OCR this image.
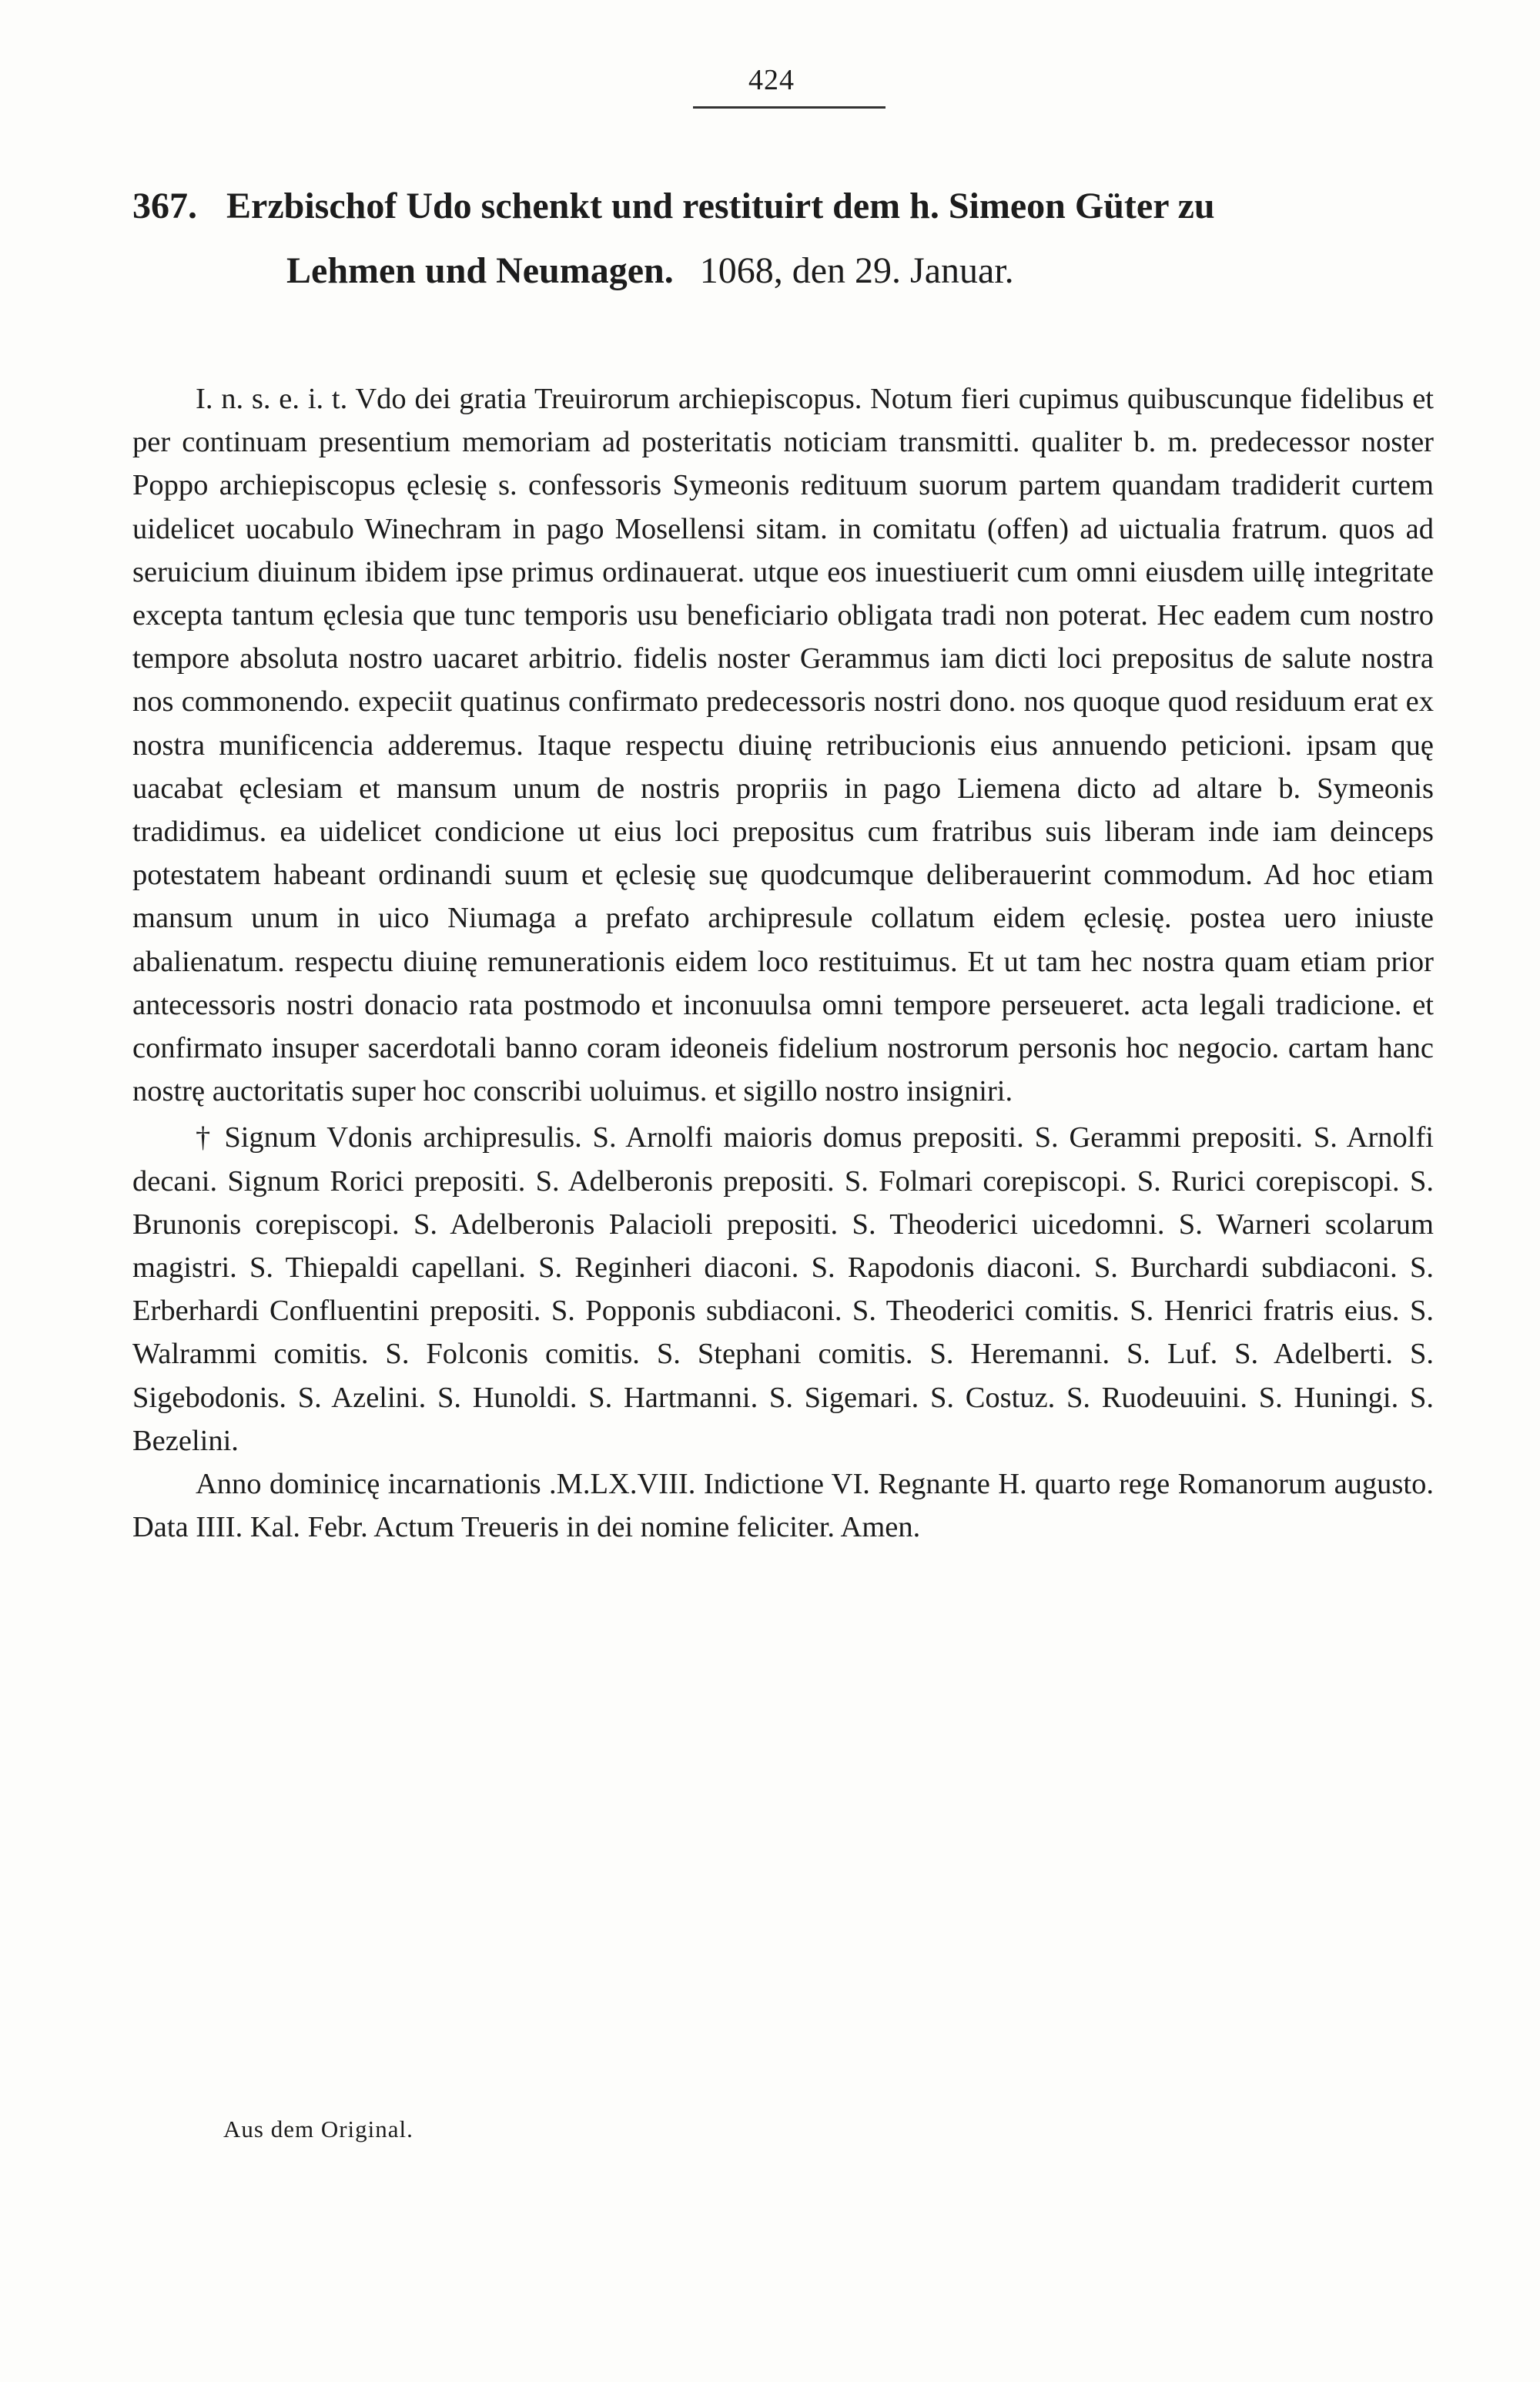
424
367. Erzbischof Udo schenkt und restituirt dem h. Simeon Güter zu
Lehmen und Neumagen. 1068, den 29. Januar.

I. n. s. e. i. t. Vdo dei gratia Treuirorum archiepiscopus. Notum fieri cupimus quibuscunque fidelibus et per continuam presentium memoriam ad posteritatis noticiam transmitti. qualiter b. m. predecessor noster Poppo archiepiscopus ęclesię s. confessoris Symeonis redituum suorum partem quandam tradiderit curtem uidelicet uocabulo Winechram in pago Mosellensi sitam. in comitatu (offen) ad uictualia fratrum. quos ad seruicium diuinum ibidem ipse primus ordinauerat. utque eos inuestiuerit cum omni eiusdem uillę integritate excepta tantum ęclesia que tunc temporis usu beneficiario obligata tradi non poterat. Hec eadem cum nostro tempore absoluta nostro uacaret arbitrio. fidelis noster Gerammus iam dicti loci prepositus de salute nostra nos commonendo. expeciit quatinus confirmato predecessoris nostri dono. nos quoque quod residuum erat ex nostra munificencia adderemus. Itaque respectu diuinę retribucionis eius annuendo peticioni. ipsam quę uacabat ęclesiam et mansum unum de nostris propriis in pago Liemena dicto ad altare b. Symeonis tradidimus. ea uidelicet condicione ut eius loci prepositus cum fratribus suis liberam inde iam deinceps potestatem habeant ordinandi suum et ęclesię suę quodcumque deliberauerint commodum. Ad hoc etiam mansum unum in uico Niumaga a prefato archipresule collatum eidem ęclesię. postea uero iniuste abalienatum. respectu diuinę remunerationis eidem loco restituimus. Et ut tam hec nostra quam etiam prior antecessoris nostri donacio rata postmodo et inconuulsa omni tempore perseueret. acta legali tradicione. et confirmato insuper sacerdotali banno coram ideoneis fidelium nostrorum personis hoc negocio. cartam hanc nostrę auctoritatis super hoc conscribi uoluimus. et sigillo nostro insigniri.

† Signum Vdonis archipresulis. S. Arnolfi maioris domus prepositi. S. Gerammi prepositi. S. Arnolfi decani. Signum Rorici prepositi. S. Adelberonis prepositi. S. Folmari corepiscopi. S. Rurici corepiscopi. S. Brunonis corepiscopi. S. Adelberonis Palacioli prepositi. S. Theoderici uicedomni. S. Warneri scolarum magistri. S. Thiepaldi capellani. S. Reginheri diaconi. S. Rapodonis diaconi. S. Burchardi subdiaconi. S. Erberhardi Confluentini prepositi. S. Popponis subdiaconi. S. Theoderici comitis. S. Henrici fratris eius. S. Walrammi comitis. S. Folconis comitis. S. Stephani comitis. S. Heremanni. S. Luf. S. Adelberti. S. Sigebodonis. S. Azelini. S. Hunoldi. S. Hartmanni. S. Sigemari. S. Costuz. S. Ruodeuuini. S. Huningi. S. Bezelini.

Anno dominicę incarnationis .M.LX.VIII. Indictione VI. Regnante H. quarto rege Romanorum augusto. Data IIII. Kal. Febr. Actum Treueris in dei nomine feliciter. Amen.

Aus dem Original.
